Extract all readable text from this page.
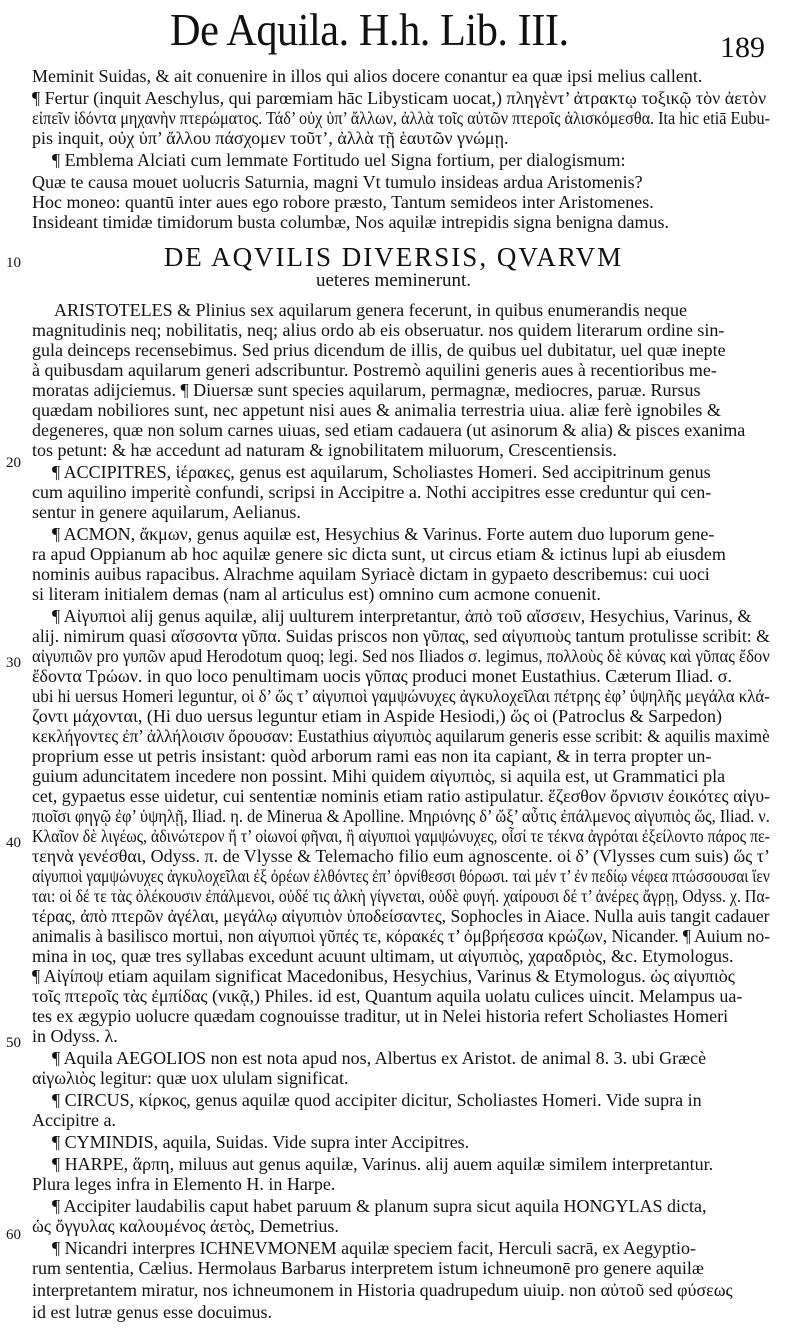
De Aquila. H.h. Lib. III.	189
10
20
30
40
50
60
DE AQVILIS DIVERSIS, QVARVM
ueteres meminerunt.
Meminit Suidas, & ait conuenire in illos qui alios docere conantur ea quæ ipsi melius callent.
¶ Fertur (inquit Aeschylus, qui parœmiam hāc Libysticam uocat,) πληγὲντ’ ἀτρακτῳ τοξικῷ τὸν ἀετὸν
εἰπεῖν ἰδόντα μηχανὴν πτερώματος. Τάδ’ οὐχ ὑπ’ ἄλλων, ἀλλὰ τοῖς αὑτῶν πτεροῖς ἁλισκόμεσθα. Ita hic etiā Eubu-
pis inquit, οὐχ ὑπ’ ἄλλου πάσχομεν τοῦτ’, ἀλλὰ τῇ ἑαυτῶν γνώμῃ.
¶ Emblema Alciati cum lemmate Fortitudo uel Signa fortium, per dialogismum:
Quæ te causa mouet uolucris Saturnia, magni Vt tumulo insideas ardua Aristomenis?
Hoc moneo: quantū inter aues ego robore præsto, Tantum semideos inter Aristomenes.
Insideant timidæ timidorum busta columbæ, Nos aquilæ intrepidis signa benigna damus.
ARISTOTELES & Plinius sex aquilarum genera fecerunt, in quibus enumerandis neque
magnitudinis neq; nobilitatis, neq; alius ordo ab eis obseruatur. nos quidem literarum ordine sin-
gula deinceps recensebimus. Sed prius dicendum de illis, de quibus uel dubitatur, uel quæ inepte
à quibusdam aquilarum generi adscribuntur. Postremò aquilini generis aues à recentioribus me-
moratas adijciemus. ¶ Diuersæ sunt species aquilarum, permagnæ, mediocres, paruæ. Rursus
quædam nobiliores sunt, nec appetunt nisi aues & animalia terrestria uiua. aliæ ferè ignobiles &
degeneres, quæ non solum carnes uiuas, sed etiam cadauera (ut asinorum & alia) & pisces exanima
tos petunt: & hæ accedunt ad naturam & ignobilitatem miluorum, Crescentiensis.
¶ ACCIPITRES, ἱέρακες, genus est aquilarum, Scholiastes Homeri. Sed accipitrinum genus
cum aquilino imperitè confundi, scripsi in Accipitre a. Nothi accipitres esse creduntur qui cen-
sentur in genere aquilarum, Aelianus.
¶ ACMON, ἄκμων, genus aquilæ est, Hesychius & Varinus. Forte autem duo luporum gene-
ra apud Oppianum ab hoc aquilæ genere sic dicta sunt, ut circus etiam & ictinus lupi ab eiusdem
nominis auibus rapacibus. Alrachme aquilam Syriacè dictam in gypaeto describemus: cui uoci
si literam initialem demas (nam al articulus est) omnino cum acmone conuenit.
¶ Αἰγυπιοὶ alij genus aquilæ, alij uulturem interpretantur, ἀπὸ τοῦ αἴσσειν, Hesychius, Varinus, &
alij. nimirum quasi αἴσσοντα γῦπα. Suidas priscos non γῦπας, sed αἰγυπιοὺς tantum protulisse scribit: &
αἰγυπιῶν pro γυπῶν apud Herodotum quoq; legi. Sed nos Iliados σ. legimus, πολλοὺς δὲ κύνας καὶ γῦπας ἔδον
ἔδοντα Τρώων. in quo loco penultimam uocis γῦπας produci monet Eustathius. Cæterum Iliad. σ.
ubi hi uersus Homeri leguntur, οἱ δ’ ὥς τ’ αἰγυπιοὶ γαμψώνυχες ἀγκυλοχεῖλαι πέτρης ἐφ’ ὑψηλῆς μεγάλα κλά-
ζοντι μάχονται, (Hi duo uersus leguntur etiam in Aspide Hesiodi,) ὥς οἱ (Patroclus & Sarpedon)
κεκλήγοντες ἐπ’ ἀλλήλοισιν ὄρουσαν: Eustathius αἰγυπιὸς aquilarum generis esse scribit: & aquilis maximè
proprium esse ut petris insistant: quòd arborum rami eas non ita capiant, & in terra propter un-
guium aduncitatem incedere non possint. Mihi quidem αἰγυπιὸς, si aquila est, ut Grammatici pla
cet, gypaetus esse uidetur, cui sententiæ nominis etiam ratio astipulatur. ἕζεσθον ὄρνισιν ἐοικότες αἰγυ-
πιοῖσι φηγῷ ἐφ’ ὑψηλῇ, Iliad. η. de Minerua & Apolline. Μηριόνης δ’ ὤξ’ αὖτις ἐπάλμενος αἰγυπιὸς ὥς, Iliad. ν.
Κλαῖον δὲ λιγέως, ἀδινώτερον ἤ τ’ οἰωνοί φῆναι, ἢ αἰγυπιοὶ γαμψώνυχες, οἷσί τε τέκνα ἀγρόται ἐξείλοντο πάρος πε-
τεηνὰ γενέσθαι, Odyss. π. de Vlysse & Telemacho filio eum agnoscente. οἱ δ’ (Vlysses cum suis) ὥς τ’
αἰγυπιοὶ γαμψώνυχες ἀγκυλοχεῖλαι ἐξ ὀρέων ἐλθόντες ἐπ’ ὀρνίθεσσι θόρωσι. ταὶ μέν τ’ ἐν πεδίῳ νέφεα πτώσσουσαι ἵεν
ται: οἱ δέ τε τὰς ὀλέκουσιν ἐπάλμενοι, οὐδέ τις ἀλκὴ γίγνεται, οὐδὲ φυγή. χαίρουσι δέ τ’ ἀνέρες ἄγρῃ, Odyss. χ. Πα-
τέρας, ἀπὸ πτερῶν ἀγέλαι, μεγάλῳ αἰγυπιὸν ὑποδείσαντες, Sophocles in Aiace. Nulla auis tangit cadauer
animalis à basilisco mortui, non αἰγυπιοὶ γῦπές τε, κόρακές τ’ ὀμβρήεσσα κρώζων, Nicander. ¶ Auium no-
mina in ιος, quæ tres syllabas excedunt acuunt ultimam, ut αἰγυπιὸς, χαραδριὸς, &c. Etymologus.
¶ Αἰγίποψ etiam aquilam significat Macedonibus, Hesychius, Varinus & Etymologus. ὡς αἰγυπιὸς
τοῖς πτεροῖς τὰς ἐμπίδας (νικᾷ,) Philes. id est, Quantum aquila uolatu culices uincit. Melampus ua-
tes ex ægypio uolucre quædam cognouisse traditur, ut in Nelei historia refert Scholiastes Homeri
in Odyss. λ.
¶ Aquila AEGOLIOS non est nota apud nos, Albertus ex Aristot. de animal 8. 3. ubi Græcè
αἰγωλιὸς legitur: quæ uox ululam significat.
¶ CIRCUS, κίρκος, genus aquilæ quod accipiter dicitur, Scholiastes Homeri. Vide supra in
Accipitre a.
¶ CYMINDIS, aquila, Suidas. Vide supra inter Accipitres.
¶ HARPE, ἅρπη, miluus aut genus aquilæ, Varinus. alij auem aquilæ similem interpretantur.
Plura leges infra in Elemento H. in Harpe.
¶ Accipiter laudabilis caput habet paruum & planum supra sicut aquila HONGYLAS dicta,
ὡς ὄγγυλας καλουμένος ἀετὸς, Demetrius.
¶ Nicandri interpres ICHNEVMONEM aquilæ speciem facit, Herculi sacrā, ex Aegyptio-
rum sententia, Cælius. Hermolaus Barbarus interpretem istum ichneumonē pro genere aquilæ
interpretantem miratur, nos ichneumonem in Historia quadrupedum uiuip. non αὐτοῦ sed φύσεως
id est lutræ genus esse docuimus.
